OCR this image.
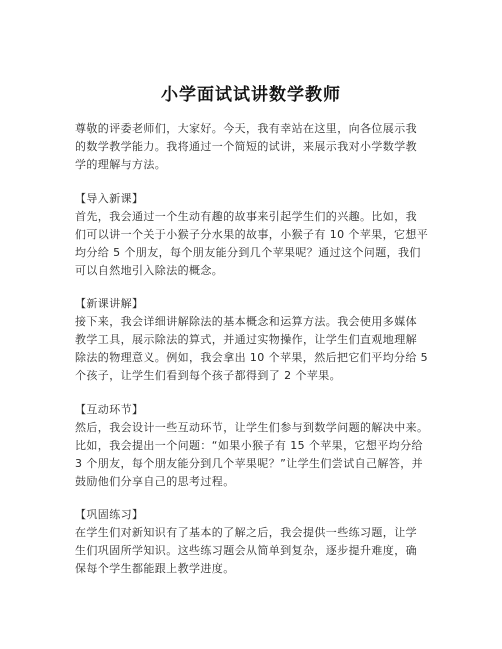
小学面试试讲数学教师
尊敬的评委老师们，大家好。今天，我有幸站在这里，向各位展示我
的数学教学能力。我将通过一个简短的试讲，来展示我对小学数学教
学的理解与方法。
【导入新课】
首先，我会通过一个生动有趣的故事来引起学生们的兴趣。比如，我
们可以讲一个关于小猴子分水果的故事，小猴子有 10 个苹果，它想平
均分给 5 个朋友，每个朋友能分到几个苹果呢？通过这个问题，我们
可以自然地引入除法的概念。
【新课讲解】
接下来，我会详细讲解除法的基本概念和运算方法。我会使用多媒体
教学工具，展示除法的算式，并通过实物操作，让学生们直观地理解
除法的物理意义。例如，我会拿出 10 个苹果，然后把它们平均分给 5
个孩子，让学生们看到每个孩子都得到了 2 个苹果。
【互动环节】
然后，我会设计一些互动环节，让学生们参与到数学问题的解决中来。
比如，我会提出一个问题：“如果小猴子有 15 个苹果，它想平均分给
3 个朋友，每个朋友能分到几个苹果呢？”让学生们尝试自己解答，并
鼓励他们分享自己的思考过程。
【巩固练习】
在学生们对新知识有了基本的了解之后，我会提供一些练习题，让学
生们巩固所学知识。这些练习题会从简单到复杂，逐步提升难度，确
保每个学生都能跟上教学进度。
